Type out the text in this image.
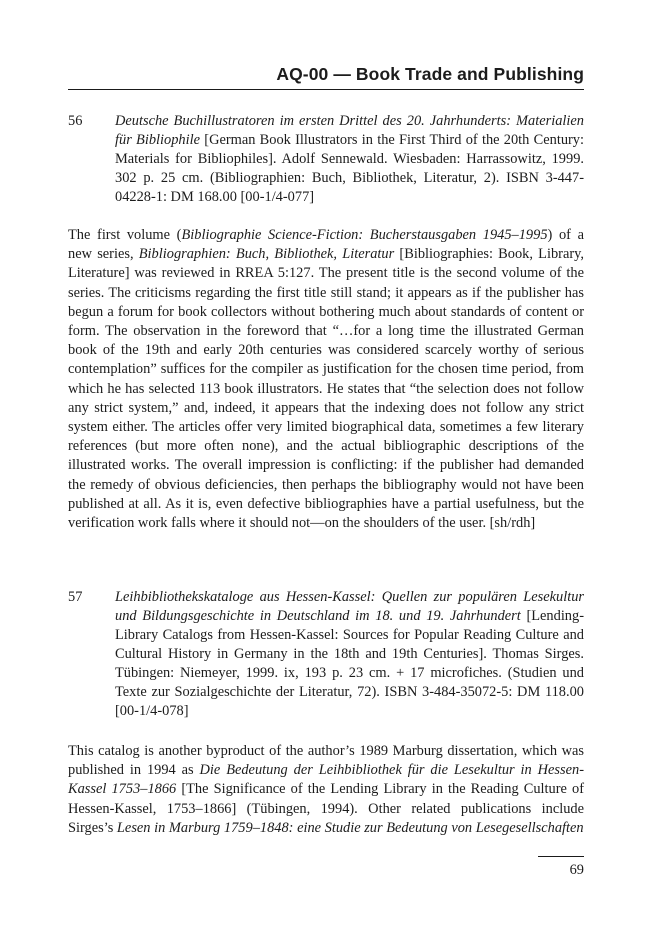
AQ-00 — Book Trade and Publishing
56 Deutsche Buchillustratoren im ersten Drittel des 20. Jahrhunderts: Materialien für Bibliophile [German Book Illustrators in the First Third of the 20th Century: Materials for Bibliophiles]. Adolf Sennewald. Wiesbaden: Harrassowitz, 1999. 302 p. 25 cm. (Bibliographien: Buch, Bibliothek, Literatur, 2). ISBN 3-447-04228-1: DM 168.00 [00-1/4-077]

The first volume (Bibliographie Science-Fiction: Bucherstausgaben 1945–1995) of a new series, Bibliographien: Buch, Bibliothek, Literatur [Bibliographies: Book, Library, Literature] was reviewed in RREA 5:127. The present title is the second volume of the series. The criticisms regarding the first title still stand; it appears as if the publisher has begun a forum for book collectors without bothering much about standards of content or form. The observation in the foreword that “…for a long time the illustrated German book of the 19th and early 20th centuries was considered scarcely worthy of serious contemplation” suffices for the compiler as justification for the chosen time period, from which he has selected 113 book illustrators. He states that “the selection does not follow any strict system,” and, indeed, it appears that the indexing does not follow any strict system either. The articles offer very limited biographical data, sometimes a few literary references (but more often none), and the actual bibliographic descriptions of the illustrated works. The overall impression is conflicting: if the publisher had demanded the remedy of obvious deficiencies, then perhaps the bibliography would not have been published at all. As it is, even defective bibliographies have a partial usefulness, but the verification work falls where it should not—on the shoulders of the user. [sh/rdh]

57 Leihbibliothekskataloge aus Hessen-Kassel: Quellen zur populären Lesekultur und Bildungsgeschichte in Deutschland im 18. und 19. Jahrhundert [Lending-Library Catalogs from Hessen-Kassel: Sources for Popular Reading Culture and Cultural History in Germany in the 18th and 19th Centuries]. Thomas Sirges. Tübingen: Niemeyer, 1999. ix, 193 p. 23 cm. + 17 microfiches. (Studien und Texte zur Sozialgeschichte der Literatur, 72). ISBN 3-484-35072-5: DM 118.00 [00-1/4-078]

This catalog is another byproduct of the author’s 1989 Marburg dissertation, which was published in 1994 as Die Bedeutung der Leihbibliothek für die Lesekultur in Hessen-Kassel 1753–1866 [The Significance of the Lending Library in the Reading Culture of Hessen-Kassel, 1753–1866] (Tübingen, 1994). Other related publications include Sirges’s Lesen in Marburg 1759–1848: eine Studie zur Bedeutung von Lesegesellschaften

69
